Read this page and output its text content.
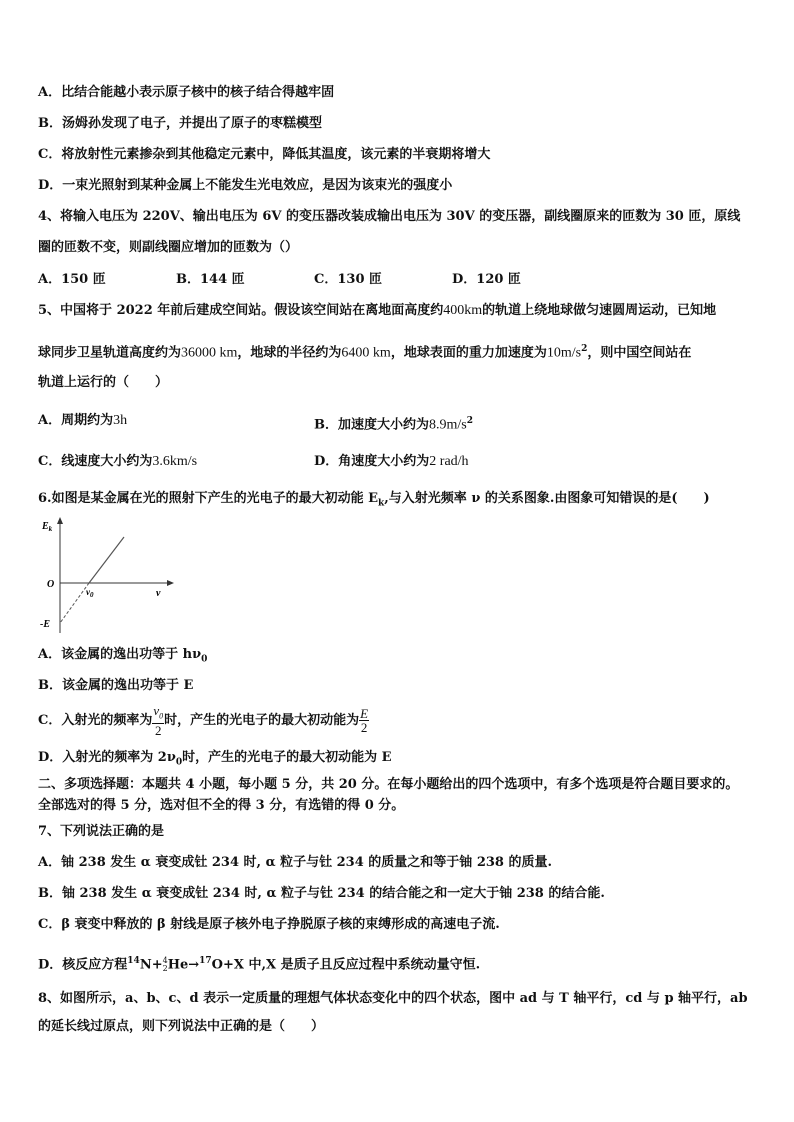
A．比结合能越小表示原子核中的核子结合得越牢固
B．汤姆孙发现了电子，并提出了原子的枣糕模型
C．将放射性元素掺杂到其他稳定元素中，降低其温度，该元素的半衰期将增大
D．一束光照射到某种金属上不能发生光电效应，是因为该束光的强度小
4、将输入电压为 220V、输出电压为 6V 的变压器改装成输出电压为 30V 的变压器，副线圈原来的匝数为 30 匝，原线
圈的匝数不变，则副线圈应增加的匝数为（）
A．150 匝	B．144 匝	C．130 匝	D．120 匝
5、中国将于 2022 年前后建成空间站。假设该空间站在离地面高度约400km的轨道上绕地球做匀速圆周运动，已知地
球同步卫星轨道高度约为36000 km，地球的半径约为6400 km，地球表面的重力加速度为$10m/s^2$，则中国空间站在
轨道上运行的（　　）
A．周期约为3h	B．加速度大小约为$8.9m/s^2$
C．线速度大小约为3.6km/s	D．角速度大小约为2 rad/h
6.如图是某金属在光的照射下产生的光电子的最大初动能 $E_k$,与入射光频率 ν 的关系图象.由图象可知错误的是(　　)
$E_k$
O
ν
$\nu_0$
-E
A．该金属的逸出功等于 $h\nu_0$
B．该金属的逸出功等于 E
C．入射光的频率为 $\frac{v_0}{2}$ 时，产生的光电子的最大初动能为 $\frac{E}{2}$
D．入射光的频率为 $2\nu_0$时，产生的光电子的最大初动能为 E
二、多项选择题：本题共 4 小题，每小题 5 分，共 20 分。在每小题给出的四个选项中，有多个选项是符合题目要求的。
全部选对的得 5 分，选对但不全的得 3 分，有选错的得 0 分。
7、下列说法正确的是
A．铀 238 发生 α 衰变成钍 234 时, α 粒子与钍 234 的质量之和等于铀 238 的质量.
B．铀 238 发生 α 衰变成钍 234 时, α 粒子与钍 234 的结合能之和一定大于铀 238 的结合能.
C．β 衰变中释放的 β 射线是原子核外电子挣脱原子核的束缚形成的高速电子流.
D．核反应方程$^{14}$N+ 4
2 He→$^{17}$O+X 中,X 是质子且反应过程中系统动量守恒.
8、如图所示，a、b、c、d 表示一定质量的理想气体状态变化中的四个状态，图中 ad 与 T 轴平行，cd 与 p 轴平行，ab
的延长线过原点，则下列说法中正确的是（　　）
